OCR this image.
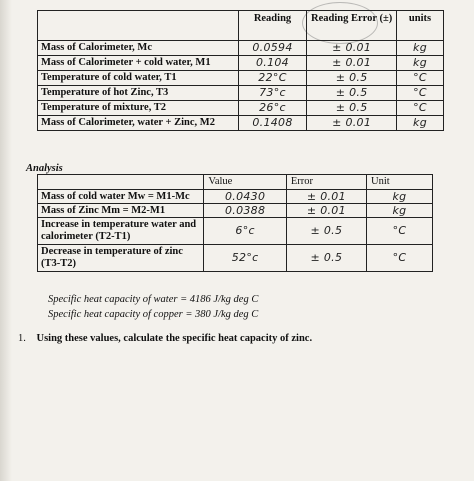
	Reading	Reading Error (±)	units
Mass of Calorimeter, Mc	0.0594	± 0.01	kg
Mass of Calorimeter + cold water, M1	0.104	± 0.01	kg
Temperature of cold water, T1	22°C	± 0.5	°C
Temperature of hot Zinc, T3	73°c	± 0.5	°C
Temperature of mixture, T2	26°c	± 0.5	°C
Mass of Calorimeter, water + Zinc, M2	0.1408	± 0.01	kg
Analysis
	Value	Error	Unit
Mass of cold water Mw = M1-Mc	0.0430	± 0.01	kg
Mass of Zinc Mm = M2-M1	0.0388	± 0.01	kg
Increase in temperature water and calorimeter (T2-T1)	6°c	± 0.5	°C
Decrease in temperature of zinc (T3-T2)	52°c	± 0.5	°C
Specific heat capacity of water = 4186 J/kg deg C
Specific heat capacity of copper = 380 J/kg deg C
1. Using these values, calculate the specific heat capacity of zinc.
